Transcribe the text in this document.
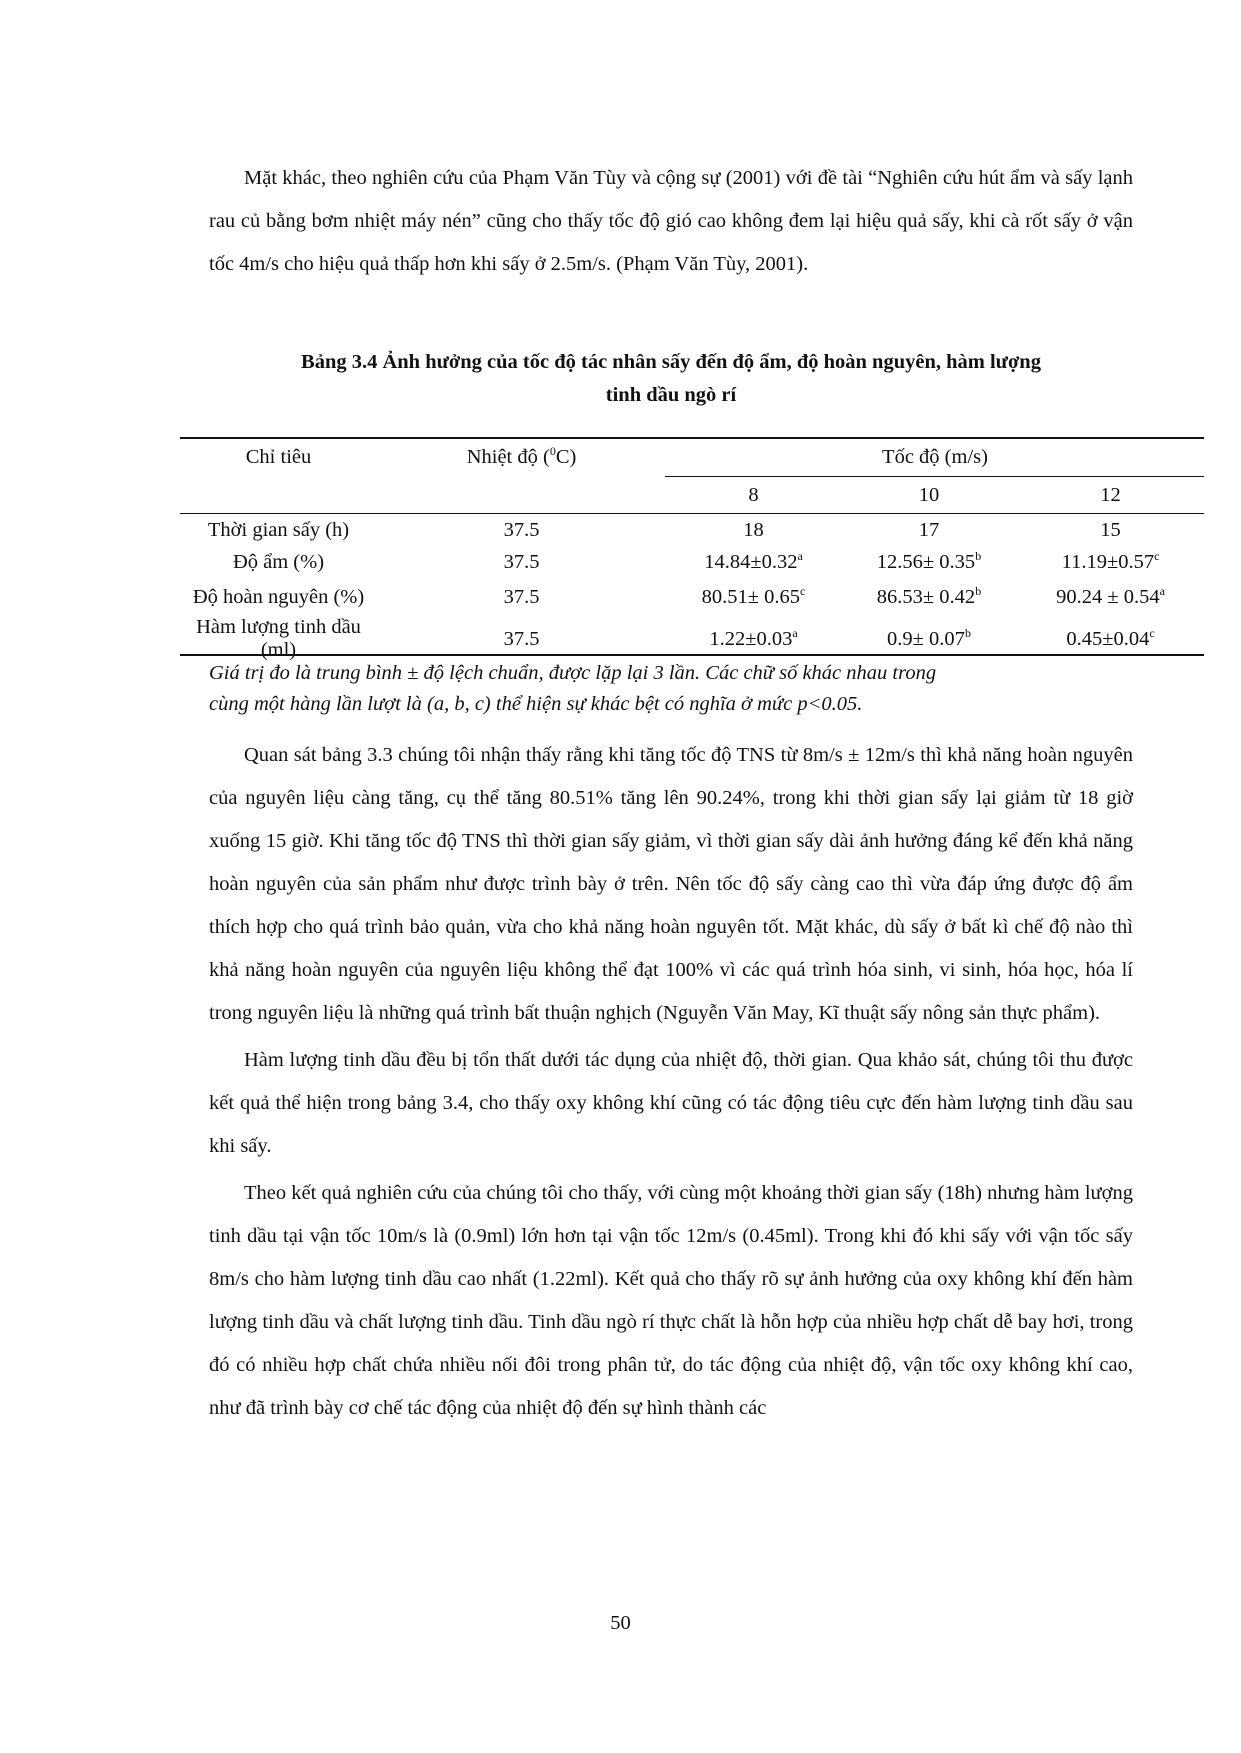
Mặt khác, theo nghiên cứu của Phạm Văn Tùy và cộng sự (2001) với đề tài “Nghiên cứu hút ẩm và sấy lạnh rau củ bằng bơm nhiệt máy nén” cũng cho thấy tốc độ gió cao không đem lại hiệu quả sấy, khi cà rốt sấy ở vận tốc 4m/s cho hiệu quả thấp hơn khi sấy ở 2.5m/s. (Phạm Văn Tùy, 2001).

Bảng 3.4 Ảnh hưởng của tốc độ tác nhân sấy đến độ ẩm, độ hoàn nguyên, hàm lượng
tinh dầu ngò rí
Chỉ tiêu	Nhiệt độ ($^0$C)	Tốc độ (m/s)		
		8	10	12
Thời gian sấy (h)	37.5	18	17	15
Độ ẩm (%)	37.5	14.84±0.32$^a$	12.56± 0.35$^b$	11.19±0.57$^c$
Độ hoàn nguyên (%)	37.5	80.51± 0.65$^c$	86.53± 0.42$^b$	90.24 ± 0.54$^a$
Hàm lượng tinh dầu (ml)	37.5	1.22±0.03$^a$	0.9± 0.07$^b$	0.45±0.04$^c$
Giá trị đo là trung bình ± độ lệch chuẩn, được lặp lại 3 lần. Các chữ số khác nhau trong
cùng một hàng lần lượt là (a, b, c) thể hiện sự khác bệt có nghĩa ở mức p<0.05.

Quan sát bảng 3.3 chúng tôi nhận thấy rằng khi tăng tốc độ TNS từ 8m/s ± 12m/s thì khả năng hoàn nguyên của nguyên liệu càng tăng, cụ thể tăng 80.51% tăng lên 90.24%, trong khi thời gian sấy lại giảm từ 18 giờ xuống 15 giờ. Khi tăng tốc độ TNS thì thời gian sấy giảm, vì thời gian sấy dài ảnh hưởng đáng kể đến khả năng hoàn nguyên của sản phẩm như được trình bày ở trên. Nên tốc độ sấy càng cao thì vừa đáp ứng được độ ẩm thích hợp cho quá trình bảo quản, vừa cho khả năng hoàn nguyên tốt. Mặt khác, dù sấy ở bất kì chế độ nào thì khả năng hoàn nguyên của nguyên liệu không thể đạt 100% vì các quá trình hóa sinh, vi sinh, hóa học, hóa lí trong nguyên liệu là những quá trình bất thuận nghịch (Nguyễn Văn May, Kĩ thuật sấy nông sản thực phẩm).

Hàm lượng tinh dầu đều bị tổn thất dưới tác dụng của nhiệt độ, thời gian. Qua khảo sát, chúng tôi thu được kết quả thể hiện trong bảng 3.4, cho thấy oxy không khí cũng có tác động tiêu cực đến hàm lượng tinh dầu sau khi sấy.

Theo kết quả nghiên cứu của chúng tôi cho thấy, với cùng một khoảng thời gian sấy (18h) nhưng hàm lượng tinh dầu tại vận tốc 10m/s là (0.9ml) lớn hơn tại vận tốc 12m/s (0.45ml). Trong khi đó khi sấy với vận tốc sấy 8m/s cho hàm lượng tinh dầu cao nhất (1.22ml). Kết quả cho thấy rõ sự ảnh hưởng của oxy không khí đến hàm lượng tinh dầu và chất lượng tinh dầu. Tinh dầu ngò rí thực chất là hỗn hợp của nhiều hợp chất dễ bay hơi, trong đó có nhiều hợp chất chứa nhiều nối đôi trong phân tử, do tác động của nhiệt độ, vận tốc oxy không khí cao, như đã trình bày cơ chế tác động của nhiệt độ đến sự hình thành các

50
